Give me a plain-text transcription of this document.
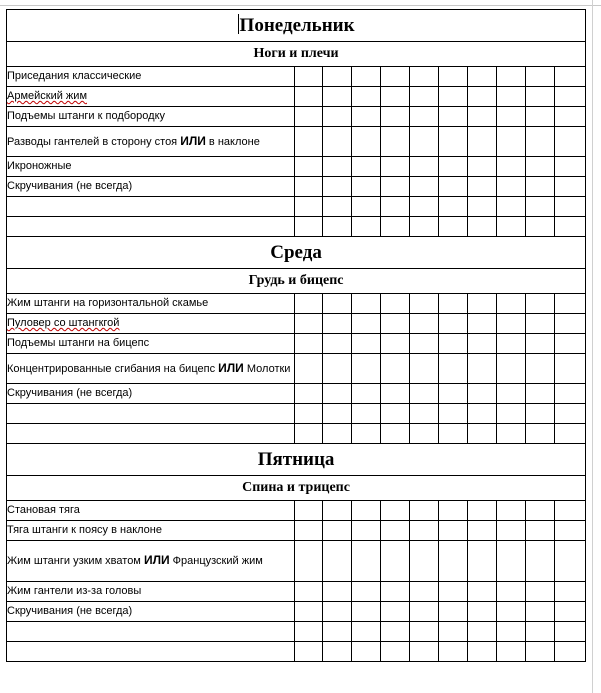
Понедельник										
Ноги и плечи										
Приседания классические										
Армейский жим										
Подъемы штанги к подбородку										
Разводы гантелей в сторону стоя ИЛИ в наклоне										
Икроножные										
Скручивания (не всегда)										

Среда										
Грудь и бицепс										
Жим штанги на горизонтальной скамье										
Пуловер со штангкгой										
Подъемы штанги на бицепс										
Концентрированные сгибания на бицепс ИЛИ Молотки										
Скручивания (не всегда)										

Пятница										
Спина и трицепс										
Становая тяга										
Тяга штанги к поясу в наклоне										
Жим штанги узким хватом ИЛИ Французский жим										
Жим гантели из-за головы										
Скручивания (не всегда)										
